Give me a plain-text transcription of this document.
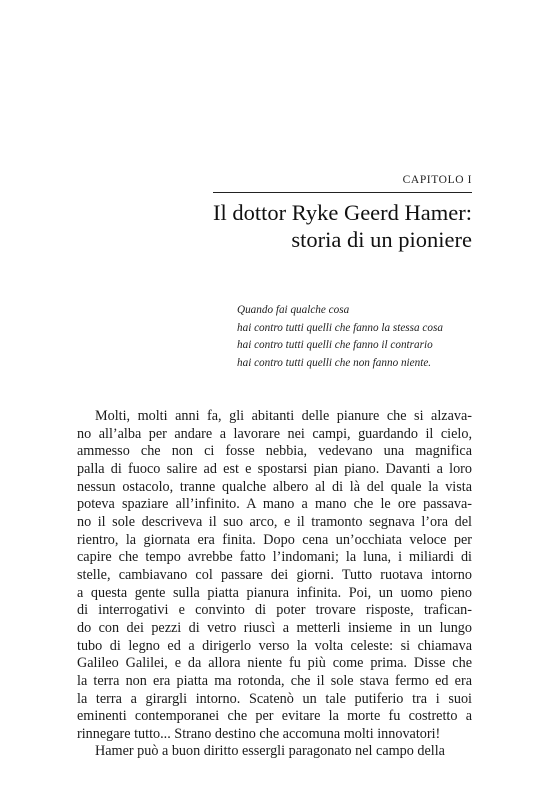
CAPITOLO I
Il dottor Ryke Geerd Hamer:
storia di un pioniere
Quando fai qualche cosa
hai contro tutti quelli che fanno la stessa cosa
hai contro tutti quelli che fanno il contrario
hai contro tutti quelli che non fanno niente.
Molti, molti anni fa, gli abitanti delle pianure che si alzava-
no all’alba per andare a lavorare nei campi, guardando il cielo,
ammesso che non ci fosse nebbia, vedevano una magnifica
palla di fuoco salire ad est e spostarsi pian piano. Davanti a loro
nessun ostacolo, tranne qualche albero al di là del quale la vista
poteva spaziare all’infinito. A mano a mano che le ore passava-
no il sole descriveva il suo arco, e il tramonto segnava l’ora del
rientro, la giornata era finita. Dopo cena un’occhiata veloce per
capire che tempo avrebbe fatto l’indomani; la luna, i miliardi di
stelle, cambiavano col passare dei giorni. Tutto ruotava intorno
a questa gente sulla piatta pianura infinita. Poi, un uomo pieno
di interrogativi e convinto di poter trovare risposte, trafican-
do con dei pezzi di vetro riuscì a metterli insieme in un lungo
tubo di legno ed a dirigerlo verso la volta celeste: si chiamava
Galileo Galilei, e da allora niente fu più come prima. Disse che
la terra non era piatta ma rotonda, che il sole stava fermo ed era
la terra a girargli intorno. Scatenò un tale putiferio tra i suoi
eminenti contemporanei che per evitare la morte fu costretto a
rinnegare tutto... Strano destino che accomuna molti innovatori!
Hamer può a buon diritto essergli paragonato nel campo della
